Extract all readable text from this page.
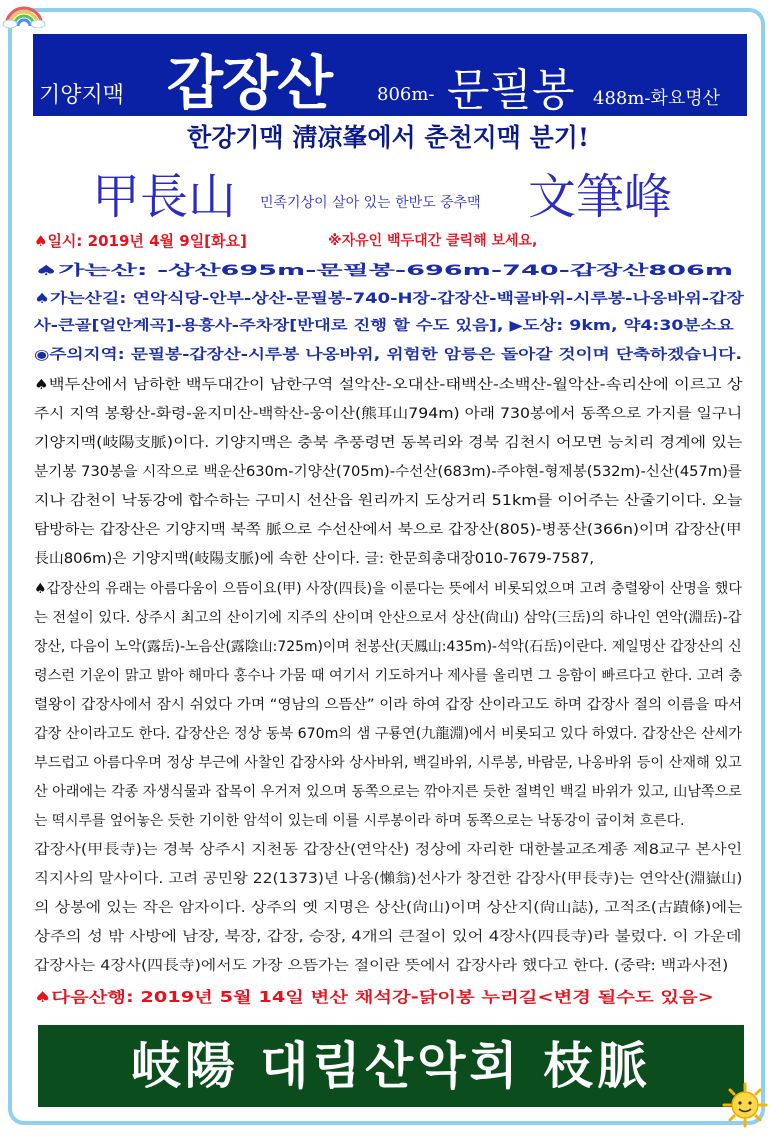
기양지맥 갑장산 806m- 문필봉 488m-화요명산
한강기맥 淸凉峯에서 춘천지맥 분기!
甲長山 민족기상이 살아 있는 한반도 중추맥 文筆峰
♠일시: 2019년 4월 9일[화요]	※자유인 백두대간 클릭해 보세요,
♠가는산: -상산695m-문필봉-696m-740-갑장산806m
♠가는산길: 연악식당-안부-상산-문필봉-740-H장-갑장산-백골바위-시루봉-나옹바위-갑장
사-큰골[얼안계곡]-용흥사-주차장[반대로 진행 할 수도 있음], ▶도상: 9km, 약4:30분소요
◉주의지역: 문필봉-갑장산-시루봉 나옹바위, 위험한 암릉은 돌아갈 것이며 단축하겠습니다.
♠백두산에서 남하한 백두대간이 남한구역 설악산-오대산-태백산-소백산-월악산-속리산에 이르고 상
주시 지역 봉황산-화령-윤지미산-백학산-웅이산(熊耳山794m) 아래 730봉에서 동쪽으로 가지를 일구니
기양지맥(岐陽支脈)이다. 기양지맥은 충북 추풍령면 동복리와 경북 김천시 어모면 능치리 경계에 있는
분기봉 730봉을 시작으로 백운산630m-기양산(705m)-수선산(683m)-주야현-형제봉(532m)-신산(457m)를
지나 감천이 낙동강에 합수하는 구미시 선산읍 원리까지 도상거리 51km를 이어주는 산줄기이다. 오늘
탐방하는 갑장산은 기양지맥 북쪽 脈으로 수선산에서 북으로 갑장산(805)-병풍산(366n)이며 갑장산(甲
長山806m)은 기양지맥(岐陽支脈)에 속한 산이다. 글: 한문희총대장010-7679-7587,
♠갑장산의 유래는 아름다움이 으뜸이요(甲) 사장(四長)을 이룬다는 뜻에서 비롯되었으며 고려 충렬왕이 산명을 했다
는 전설이 있다. 상주시 최고의 산이기에 지주의 산이며 안산으로서 상산(尙山) 삼악(三岳)의 하나인 연악(淵岳)-갑
장산, 다음이 노악(露岳)-노음산(露陰山:725m)이며 천봉산(天鳳山:435m)-석악(石岳)이란다. 제일명산 갑장산의 신
령스런 기운이 맑고 밝아 해마다 홍수나 가뭄 때 여기서 기도하거나 제사를 올리면 그 응함이 빠르다고 한다. 고려 충
렬왕이 갑장사에서 잠시 쉬었다 가며 “영남의 으뜸산” 이라 하여 갑장 산이라고도 하며 갑장사 절의 이름을 따서
갑장 산이라고도 한다. 갑장산은 정상 동북 670m의 샘 구룡연(九龍淵)에서 비롯되고 있다 하였다. 갑장산은 산세가
부드럽고 아름다우며 정상 부근에 사찰인 갑장사와 상사바위, 백길바위, 시루봉, 바람문, 나옹바위 등이 산재해 있고
산 아래에는 각종 자생식물과 잡목이 우거져 있으며 동쪽으로는 깎아지른 듯한 절벽인 백길 바위가 있고, 山남쪽으로
는 떡시루를 엎어놓은 듯한 기이한 암석이 있는데 이를 시루봉이라 하며 동쪽으로는 낙동강이 굽이쳐 흐른다.
갑장사(甲長寺)는 경북 상주시 지천동 갑장산(연악산) 정상에 자리한 대한불교조계종 제8교구 본사인
직지사의 말사이다. 고려 공민왕 22(1373)년 나옹(懶翁)선사가 창건한 갑장사(甲長寺)는 연악산(淵嶽山)
의 상봉에 있는 작은 암자이다. 상주의 옛 지명은 상산(尙山)이며 상산지(尙山誌), 고적조(古蹟條)에는
상주의 성 밖 사방에 남장, 북장, 갑장, 승장, 4개의 큰절이 있어 4장사(四長寺)라 불렀다. 이 가운데
갑장사는 4장사(四長寺)에서도 가장 으뜸가는 절이란 뜻에서 갑장사라 했다고 한다. (중략: 백과사전)
♠다음산행: 2019년 5월 14일 변산 채석강-닭이봉 누리길<변경 될수도 있음>
岐陽 대림산악회 枝脈
